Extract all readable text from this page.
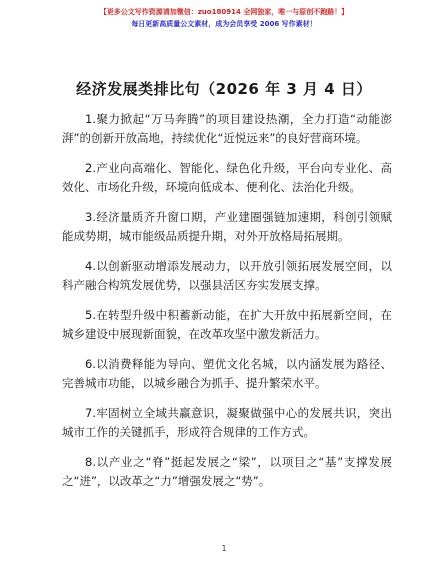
【更多公文写作资源请加微信：zuo180914 全网独家，唯一与原创不跑路！】
每日更新高质量公文素材，成为会员享受 2006 写作素材！
经济发展类排比句（2026 年 3 月 4 日）

1.聚力掀起“万马奔腾”的项目建设热潮，全力打造“动能澎湃”的创新开放高地，持续优化“近悦远来”的良好营商环境。

2.产业向高端化、智能化、绿色化升级，平台向专业化、高效化、市场化升级，环境向低成本、便利化、法治化升级。

3.经济量质齐升窗口期，产业建圈强链加速期，科创引领赋能成势期，城市能级品质提升期，对外开放格局拓展期。

4.以创新驱动增添发展动力，以开放引领拓展发展空间，以科产融合构筑发展优势，以强县活区夯实发展支撑。

5.在转型升级中积蓄新动能，在扩大开放中拓展新空间，在城乡建设中展现新面貌，在改革攻坚中激发新活力。

6.以消费释能为导向、塑优文化名城，以内涵发展为路径、完善城市功能，以城乡融合为抓手、提升繁荣水平。

7.牢固树立全域共赢意识，凝聚做强中心的发展共识，突出城市工作的关键抓手，形成符合规律的工作方式。

8.以产业之“脊”挺起发展之“梁”，以项目之“基”支撑发展之“进”，以改革之“力”增强发展之“势”。

1
